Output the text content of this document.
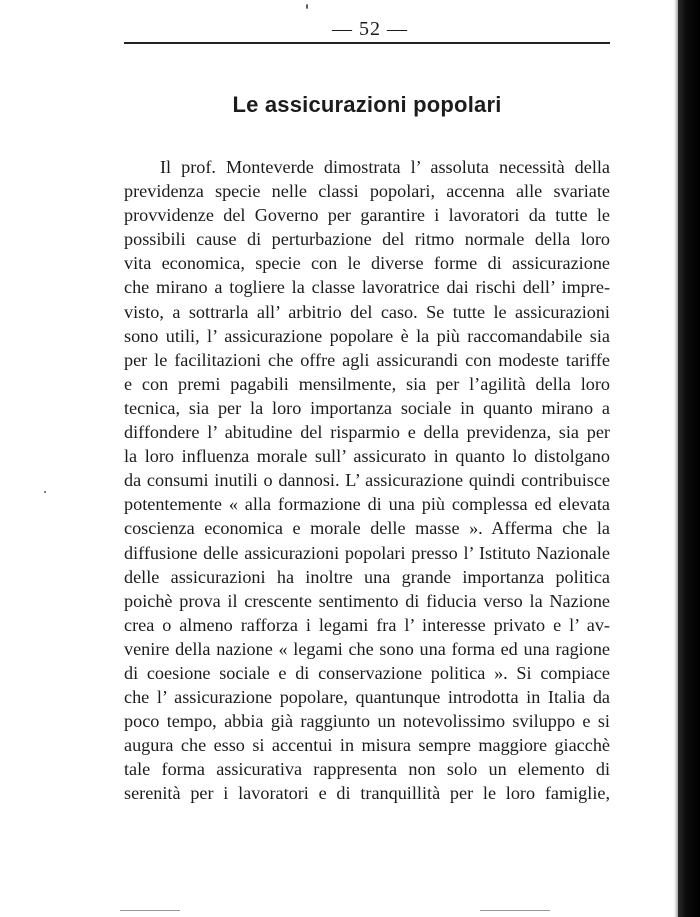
— 52 —
Le assicurazioni popolari
Il prof. Monteverde dimostrata l’ assoluta necessità della
previdenza specie nelle classi popolari, accenna alle svariate
provvidenze del Governo per garantire i lavoratori da tutte le
possibili cause di perturbazione del ritmo normale della loro
vita economica, specie con le diverse forme di assicurazione
che mirano a togliere la classe lavoratrice dai rischi dell’ impre-
visto, a sottrarla all’ arbitrio del caso. Se tutte le assicurazioni
sono utili, l’ assicurazione popolare è la più raccomandabile sia
per le facilitazioni che offre agli assicurandi con modeste tariffe
e con premi pagabili mensilmente, sia per l’agilità della loro
tecnica, sia per la loro importanza sociale in quanto mirano a
diffondere l’ abitudine del risparmio e della previdenza, sia per
la loro influenza morale sull’ assicurato in quanto lo distolgano
da consumi inutili o dannosi. L’ assicurazione quindi contribuisce
potentemente « alla formazione di una più complessa ed elevata
coscienza economica e morale delle masse ». Afferma che la
diffusione delle assicurazioni popolari presso l’ Istituto Nazionale
delle assicurazioni ha inoltre una grande importanza politica
poichè prova il crescente sentimento di fiducia verso la Nazione
crea o almeno rafforza i legami fra l’ interesse privato e l’ av-
venire della nazione « legami che sono una forma ed una ragione
di coesione sociale e di conservazione politica ». Si compiace
che l’ assicurazione popolare, quantunque introdotta in Italia da
poco tempo, abbia già raggiunto un notevolissimo sviluppo e si
augura che esso si accentui in misura sempre maggiore giacchè
tale forma assicurativa rappresenta non solo un elemento di
serenità per i lavoratori e di tranquillità per le loro famiglie,
